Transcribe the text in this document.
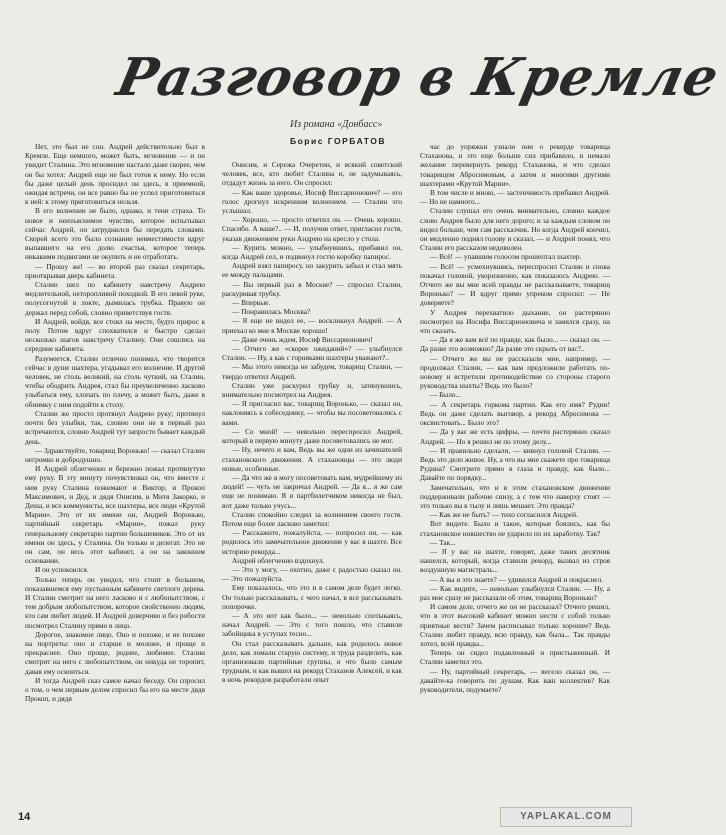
Разговор в Кремле
Из романа «Донбасс»
Борис ГОРБАТОВ

Нет, это был не сон. Андрей действительно был в Кремле. Еще немного, может быть, мгновение — и он увидит Сталина. Это мгновение настало даже скорее, чем он бы хотел: Андрей еще не был готов к нему. Но если бы даже целый день просидел он здесь, в приемной, ожидая встречи, он все равно бы не успел приготовиться к ней: к этому приготовиться нельзя.

В его волнении не было, однако, и тени страха. То новое и неизъяснимое чувство, которое испытывал сейчас Андрей, он затруднился бы передать словами. Скорей всего это было сознание невместимости вдруг выпавшего на его долю счастья, которое теперь никакими подвигами не окупить и не отработать.

— Прошу же! — во второй раз сказал секретарь, приоткрывая дверь кабинета.

Сталин шел по кабинету навстречу Андрею медлительной, неторопливой походкой. В его левой руке, полусогнутой в локте, дымилась трубка. Правую он держал перед собой, словно приветствуя гостя.

И Андрей, войдя, все стоял на месте, будто прирос к полу. Потом вдруг спохватился и быстро сделал несколько шагов навстречу Сталину. Они сошлись на середине кабинета.

Разумеется, Сталин отлично понимал, что творится сейчас в душе шахтера, угадывал его волнение. И другой человек, не столь великий, на столь чуткий, на Сталин, чтобы ободрить Андрея, стал бы преувеличенно ласково улыбаться ему, хлопать по плечу, а может быть, даже в обнимку с ним подойти к столу.

Сталин же просто протянул Андрею руку; протянул почти без улыбки, так, словно они не в первый раз встречаются, словно Андрей тут запросто бывает каждый день.

— Здравствуйте, товарищ Воронько! — сказал Сталин негромко и добродушно.

И Андрей облегченно и бережно пожал протянутую ему руку. В эту минуту почувствовал он, что вместе с ним руку Сталина пожимают и Виктор, и Прокоп Максимович, и Дед, и дядя Онисим, и Митя Закорко, и Деша, и все коммунисты, все шахтеры, все люди «Крутой Марии». Это от их имени он, Андрей Воронько, партийный секретарь «Марии», пожал руку генеральному секретарю партии большевиков. Это от их имени он здесь, у Сталина. Он только и делегат. Это не он сам, он весь этот кабинет, а он на законном основании.

И он успокоился.

Только теперь он увидел, что стоит в большом, показавшемся ему пустынным кабинете светлого дерева. И Сталин смотрит на него ласково и с любопытством, с тем добрым любопытством, которое свойственно людям, кто сам любит людей. И Андрей доверчиво и без робости посмотрел Сталину прямо в лицо.

Дорогое, знакомое лицо. Оно и похоже, и не похоже на портреты: оно и старше и моложе, и проще и прекраснее. Оно проще, роднее, любимее. Сталин смотрит на него с любопытством, он никуда не торопит, давая ему освоиться.

И тогда Андрей сказ самое начал беседу. Он спросил о том, о чем первым делом спросил бы его на месте дядя Прокоп, и дядя

Онисим, и Сережа Очеретин, и всякий советский человек, все, кто любит Сталина и, не задумываясь, отдадут жизнь за него. Он спросил:

— Как ваше здоровье, Иосиф Виссарионович? — его голос дрогнул искренним волнением. — Сталин это услышал.

— Хорошо, — просто ответил он. — Очень хорошо. Спасибо. А ваше?.. — И, получив ответ, пригласил гостя, указав движением руки Андрею на кресло у стола.

— Курить можно, — улыбнувшись, прибавил он, когда Андрей сел, и подвинул гостю коробку папирос.

Андрей взял папиросу, но закурить забыл и стал мять ее между пальцами.

— Вы первый раз в Москве? — спросил Сталин, раскуривая трубку.

— Впервые.

— Понравилась Москва?

— Я еще не видел ее, — воскликнул Андрей. — А приехал ко мне в Москве хорошо!

— Даже очень ждем, Иосиф Виссарионович!

— Отчего же «скорее ожиданий»? — улыбнулся Сталин. — Ну, а как с горняками шахтеры уважают?..

— Мы этого никогда не забудем, товарищ Сталин, — твердо ответил Андрей.

Сталин уже раскурил трубку и, затянувшись, внимательно посмотрел на Андрея.

— Я пригласил вас, товарищ Воронько, — сказал он, наклоняясь к собеседнику, — чтобы вы посоветовались с вами.

— Со мной! — невольно переспросил Андрей, который в первую минуту даже посоветовались не мог.

— Ну, нечего и вам, Ведь вы же одни из зачинателей стахановского движения. А стахановцы — это люди новые, особенные.

— Да что же я могу посоветовать вам, мудрейшему из людей! — чуть не закричал Андрей. — Да я... я же сам еще не понимаю. Я и партбилетчиком никогда не был, вот даже только учусь...

Сталин спокойно следил за волнением своего гостя. Потом еще более ласково заметил:

— Расскажите, пожалуйста, — попросил он, — как родилось это замечательное движение у вас в шахте. Все историю рекорда...

Андрей облегченно вздохнул.

— Это у могу, — охотно, даже с радостью сказал он. — Это пожалуйста.

Ему показалось, что это и в самом деле будет легко. Он только рассказывать, с чего начал, в все рассказывать попорочке.

— А это вот как было... — невольно спотыкаясь, начал Андрей. — Это с того пошло, что ставили забойщика в уступах тесно...

Он стал рассказывать дальше, как родилось новое дело, как ломали старую систему, и труда разделить, как организовали партийные группы, и что было самым трудным, и как вышел на рекорд Стаханов Алексей, и как в ночь рекордов разработали опыт

час до упряжки узнали они о рекорде товарища Стаханова, и это еще больше сил прибавило, и немало желание перевернуть рекорд Стаханова, и что сделал товарищем Абросимовым, а затем и многими другими шахтерами «Крутой Марии».

В том числе и мною, — застенчивость прибавил Андрей. — Но не намного...

Сталин слушал его очень внимательно, словно каждое слово Андрея было для него дорого; и за каждым словом он видел больше, чем сам рассказчик. Но когда Андрей кончил, он медленно поднял голову и сказал, — и Андрей понял, что Сталин его рассказом недоволен.

— Всё! — упавшим голосом прошептал шахтер.

— Всё! — усмехнувшись, переспросил Сталин и снова покачал головой, укоризненно, как показалось Андрею. — Отчего же вы мне всей правды не рассказываете, товарищ Воронько? — И вдруг прямо упреком спросил: — Не доверяете?

У Андрея перехватило дыхание, он растерянно посмотрел на Иосифа Виссарионовича и замялся сразу, на что сказать.

— Да я же вам всё по правде, как было... — сказал он. — Да разве это возможно? Да разве это скрыть от вас?..

— Отчего же вы не рассказали мне, например, — продолжал Сталин, — как вам предложили работать по-новому и встретили противодействие со стороны старого руководства шахты? Ведь это было?

— Было...

— А секретарь горкома партии. Как его имя? Рудин! Ведь он даже сделать выговор, а рекорд Абросимова — оксвистовать... Было это?

— Да у вас же есть цифры, — почти растерянно сказал Андрей. — Но я решил не по этому делу...

— И правильно сделали, — кивнул головой Сталин. — Ведь это дело живое. Ну, а что вы мне скажете про товарища Рудина? Смотрите прямо в глаза и правду, как было... Давайте по порядку...

Замечательно, что и в этом стахановском движении поддерживали рабочие снизу, а с тем что наверху стоят — это только вы в тылу и лишь мешает. Это правда?

— Как же не быть? — тихо согласился Андрей.

Вот видите. Было и такое, которые боялись, как бы стахановское новшество не ударило по их заработку. Так?

— Так...

— Я у вас на шахте, говорят, даже таких десятник нашелся, который, когда ставили рекорд, вызвал из строя воздушную магистраль...

— А вы и это знаете? — удивился Андрей и покраснел.

— Как видите, — невольно улыбнулся Сталин. — Ну, а раз мне сразу не рассказали об этом, товарищ Воронько?

И самом деле, отчего же он не рассказал? Отчего решил, что в этот высокий кабинет можно нести с собой только приятные вести? Зачем расписывал только хорошее? Ведь Сталин любит правду, всю правду, как была... Так правды хотел, всей правды...

Теперь он сидел подавленный и пристыженный. И Сталин заметил это.

— Ну, партийный секретарь, — весело сказал он, — давайте-ка говорить по душам. Как ваш коллектив? Как руководители, подумаете?

14	YAPLAKAL.COM
